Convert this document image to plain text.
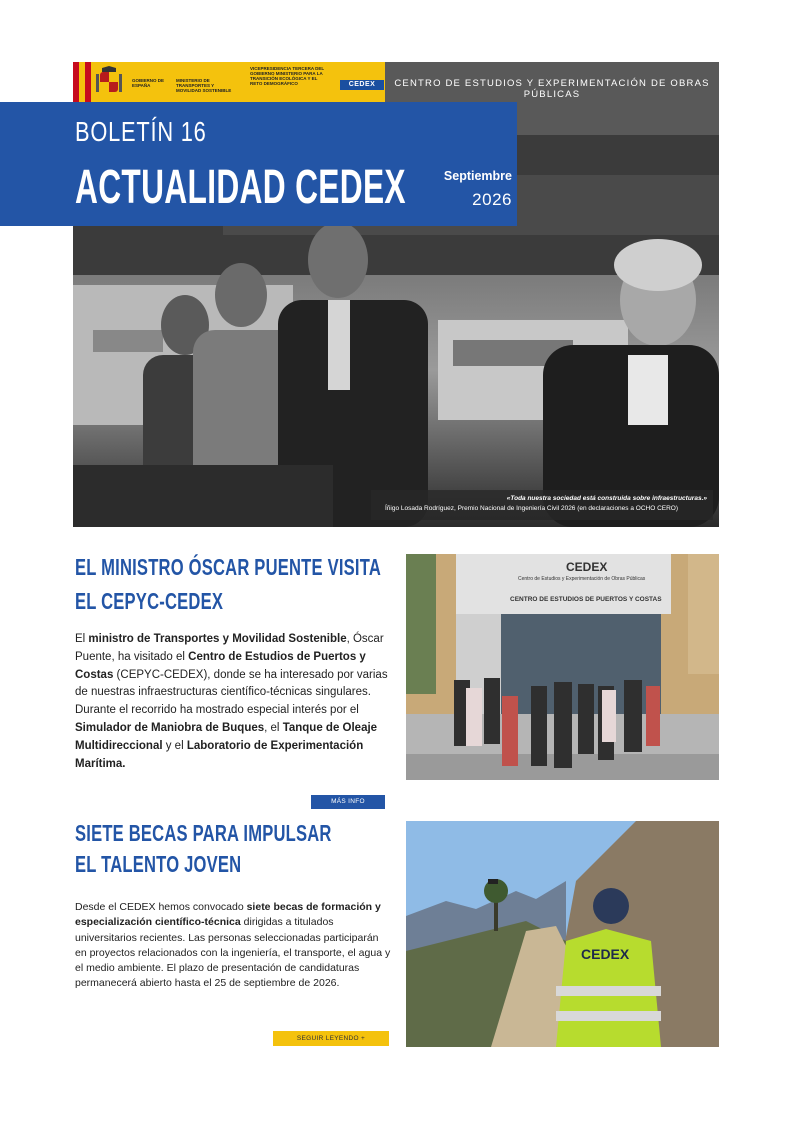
GOBIERNO DE ESPAÑA
MINISTERIO DE TRANSPORTES Y MOVILIDAD SOSTENIBLE
VICEPRESIDENCIA TERCERA DEL GOBIERNO MINISTERIO PARA LA TRANSICIÓN ECOLÓGICA Y EL RETO DEMOGRÁFICO	CEDEX	CENTRO DE ESTUDIOS Y EXPERIMENTACIÓN DE OBRAS PÚBLICAS
BOLETÍN 16
ACTUALIDAD CEDEX	Septiembre
2026
«Toda nuestra sociedad está construida sobre infraestructuras.»
Íñigo Losada Rodríguez, Premio Nacional de Ingeniería Civil 2026 (en declaraciones a OCHO CERO)
EL MINISTRO ÓSCAR PUENTE VISITA
EL CEPYC-CEDEX
El ministro de Transportes y Movilidad Sostenible, Óscar Puente, ha visitado el Centro de Estudios de Puertos y Costas (CEPYC-CEDEX), donde se ha interesado por varias de nuestras infraestructuras científico-técnicas singulares. Durante el recorrido ha mostrado especial interés por el Simulador de Maniobra de Buques, el Tanque de Oleaje Multidireccional y el Laboratorio de Experimentación Marítima.
MÁS INFO
CEDEX
Centro de Estudios y Experimentación de Obras Públicas
CENTRO DE ESTUDIOS DE PUERTOS Y COSTAS
SIETE BECAS PARA IMPULSAR
EL TALENTO JOVEN
Desde el CEDEX hemos convocado siete becas de formación y especialización científico-técnica dirigidas a titulados universitarios recientes. Las personas seleccionadas participarán en proyectos relacionados con la ingeniería, el transporte, el agua y el medio ambiente. El plazo de presentación de candidaturas permanecerá abierto hasta el 25 de septiembre de 2026.
SEGUIR LEYENDO +
CEDEX
